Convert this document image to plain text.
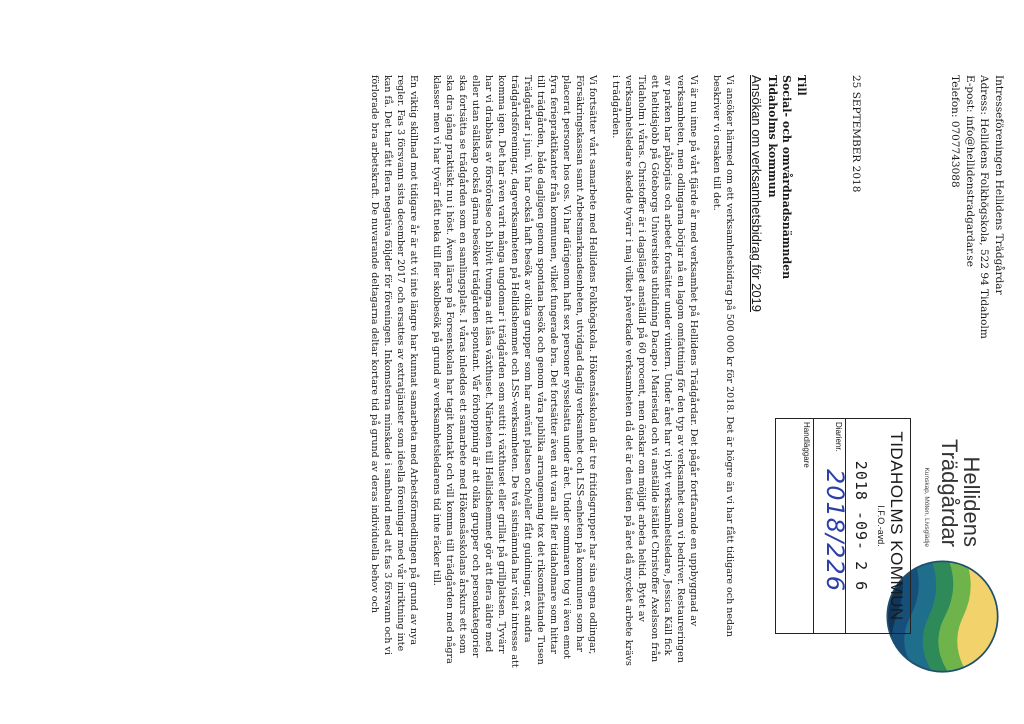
Intresseföreningen Hellidens Trädgårdar
Adress: Hellidens Folkhögskola, 522 94 Tidaholm
E-post: info@hellidenstradgardar.se
Telefon: 0707743088
Hellidens
Trädgårdar
Kunskap, Möten, Livsglädje
TIDAHOLMS KOMMUN
I.F.O.-avd.
2018 -09- 2 6
Diarienr.
2018/226
Handläggare
25 SEPTEMBER 2018
Till
Social- och omvårdnadsnämnden
Tidaholms kommun
Ansökan om verksamhetsbidrag för 2019

Vi ansöker härmed om ett verksamhetsbidrag på 500 000 kr för 2018. Det är högre än vi har fått tidigare och nedan beskriver vi orsaken till det.

Vi är nu inne på vårt fjärde år med verksamhet på Hellidens Trädgårdar. Det pågår fortfarande en uppbyggnad av verksamheten, men odlingarna börjar nå en lagom omfattning för den typ av verksamhet som vi bedriver. Restaureringen av parken har påbörjats och arbetet fortsätter under vintern. Under året har vi bytt verksamhetsledare, Jessica Käll fick ett heltidsjobb på Göteborgs Universitets utbildning Dacapo i Mariestad och vi anställde istället Christoffer Axelsson från Tidaholm i våras. Christoffer är i dagsläget anställd på 60 procent, men önskar om möjligt arbeta heltid. Bytet av verksamhetsledare skedde tyvärr i maj vilket påverkade verksamheten då det är den tiden på året då mycket arbete krävs i trädgården.

Vi fortsätter vårt samarbete med Hellidens Folkhögskola. Hökensåsskolan där tre fritidsgrupper har sina egna odlingar, Försäkringskassan samt Arbetsmarknadsenheten, utvidgad daglig verksamhet och LSS-enheten på kommunen som har placerat personer hos oss. Vi har därigenom haft sex personer sysselsatta under året. Under sommaren tog vi även emot fyra feriepraktikanter från kommunen, vilket fungerade bra. Det fortsätter även att vara allt fler tidaholmare som hittar till trädgården, både dagligen genom spontana besök och genom våra publika arrangemang tex det riksomfattande Tusen Trädgårdar i juni. Vi har också haft besök av olika grupper som har använt platsen och/eller fått guidningar, ex andra trädgårdsföreningar, dagverksamheten på Hellidshemmet och LSS-verksamheten. De två sistnämnda har visat intresse att komma igen. Det har även varit många ungdomar i trädgården som suttit i växthuset eller grillat på grillplatsen. Tyvärr har vi drabbats av förstörelse och blivit tvungna att låsa växthuset. Närheten till Hellidshemmet gör att flera äldre med eller utan sällskap också gärna besöker trädgården spontant. Vår förhoppning är att olika grupper och personkategorier ska fortsätta se trädgården som en samlingsplats. I våras inleddes ett samarbete med Hökensåsskolans årskurs ett som ska dra igång praktiskt nu i höst. Även lärare på Forsenskolan har tagit kontakt och vill komma till trädgården med några klasser men vi har tyvärr fått neka till fler skolbesök på grund av verksamhetsledarens tid inte räcker till.

En viktig skillnad mot tidigare år är att vi inte längre har kunnat samarbeta med Arbetsförmedlingen på grund av nya regler. Fas 3 försvann sista december 2017 och ersattes av extratjänster som ideella föreningar med vår inriktning inte kan få. Det har fått flera negativa följder för föreningen. Inkomsterna minskade i samband med att fas 3 försvann och vi förlorade bra arbetskraft. De nuvarande deltagarna deltar kortare tid på grund av deras individuella behov och
